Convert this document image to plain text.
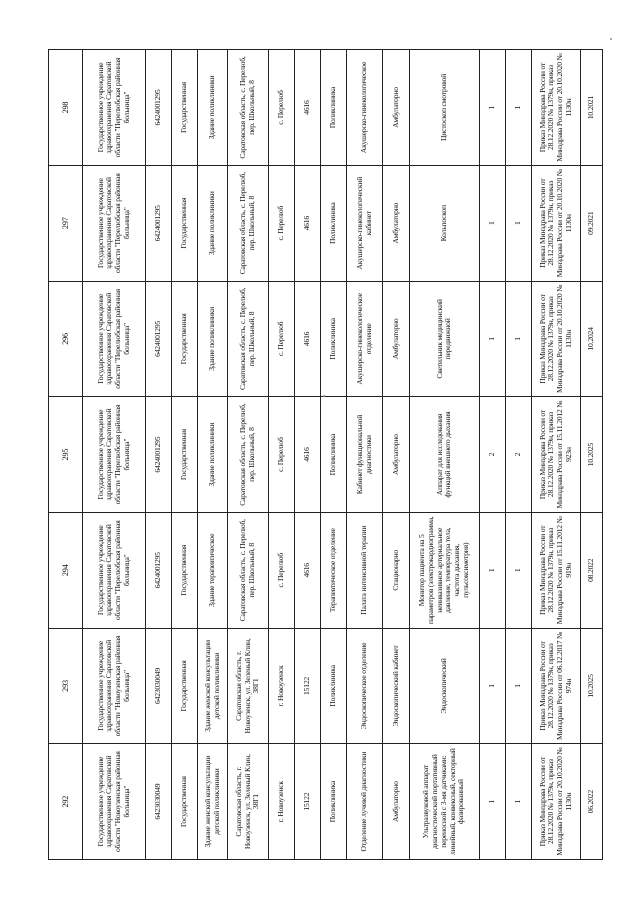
292	293	294	295	296	297	298
Государственное учреждение здравоохранения Саратовской области "Новоузенская районная больница"	Государственное учреждение здравоохранения Саратовской области "Новоузенская районная больница"	Государственное учреждение здравоохранения Саратовской области "Перелюбская районная больница"	Государственное учреждение здравоохранения Саратовской области "Перелюбская районная больница"	Государственное учреждение здравоохранения Саратовской области "Перелюбская районная больница"	Государственное учреждение здравоохранения Саратовской области "Перелюбская районная больница"	Государственное учреждение здравоохранения Саратовской области "Перелюбская районная больница"
6423030049	6423030049	6424001295	6424001295	6424001295	6424001295	6424001295
Государственная	Государственная	Государственная	Государственная	Государственная	Государственная	Государственная
Здание женской консультации детской поликлиники	Здание женской консультации детской поликлиники	Здание терапевтическое	Здание поликлиники	Здание поликлиники	Здание поликлиники	Здание поликлиники
Саратовская область, г. Новоузенск, ул. Зеленый Клин, 38Г1	Саратовская область, г. Новоузенск, ул. Зеленый Клин, 38Г1	Саратовская область, с. Перелюб, пер. Школьный, 8	Саратовская область, с. Перелюб, пер. Школьный, 8	Саратовская область, с. Перелюб, пер. Школьный, 8	Саратовская область, с. Перелюб, пер. Школьный, 8	Саратовская область, с. Перелюб, пер. Школьный, 8
г. Новоузенск	г. Новоузенск	с. Перелюб	с. Перелюб	с. Перелюб	с. Перелюб	с. Перелюб
15122	15122	4616	4616	4616	4616	4616
Поликлиника	Поликлиника	Терапевтическое отделение	Поликлиника	Поликлиника	Поликлиника	Поликлиника
Отделение лучевой диагностики	Эндоскопическое отделение	Палата интенсивной терапии	Кабинет функциональной диагностики	Акушерско-гинекологическое отделение	Акушерско-гинекологический кабинет	Акушерско-гинекологическое
Амбулаторно	Эндоскопический кабинет	Стационарно	Амбулаторно	Амбулаторно	Амбулаторно	Амбулаторно
Ультразвуковой аппарат диагностический портативный переносной с 3-мя датчиками: линейный, конвексный, секторный фазированный	Эндоскопический	Монитор пациента на 5 параметров (электрокардиограмма, неинвазивное артериальное давление, температура тела, частота дыхания, пульсоксиметрия)	Аппарат для исследования функций внешнего дыхания	Светильник медицинский передвижной	Кольпоскоп	Цистоскоп смотровой
1	1	1	2	1	1	1
1	1	1	2	1	1	1
Приказ Минздрава России от 28.12.2020 № 1379н, приказ Минздрава России от 20.10.2020 № 1130н	Приказ Минздрава России от 28.12.2020 № 1379н, приказ Минздрава России от 06.12.2017 № 974н	Приказ Минздрава России от 28.12.2020 № 1379н, приказ Минздрава России от 15.11.2012 № 919н	Приказ Минздрава России от 28.12.2020 № 1379н, приказ Минздрава России от 15.11.2012 № 923н	Приказ Минздрава России от 28.12.2020 № 1379н, приказ Минздрава России от 20.10.2020 № 1130н	Приказ Минздрава России от 28.12.2020 № 1379н, приказ Минздрава России от 20.10.2020 № 1130н	Приказ Минздрава России от 28.12.2020 № 1379н, приказ Минздрава России от 20.10.2020 № 1130н
06.2022	10.2025	08.2022	10.2025	10.2024	09.2021	10.2021
